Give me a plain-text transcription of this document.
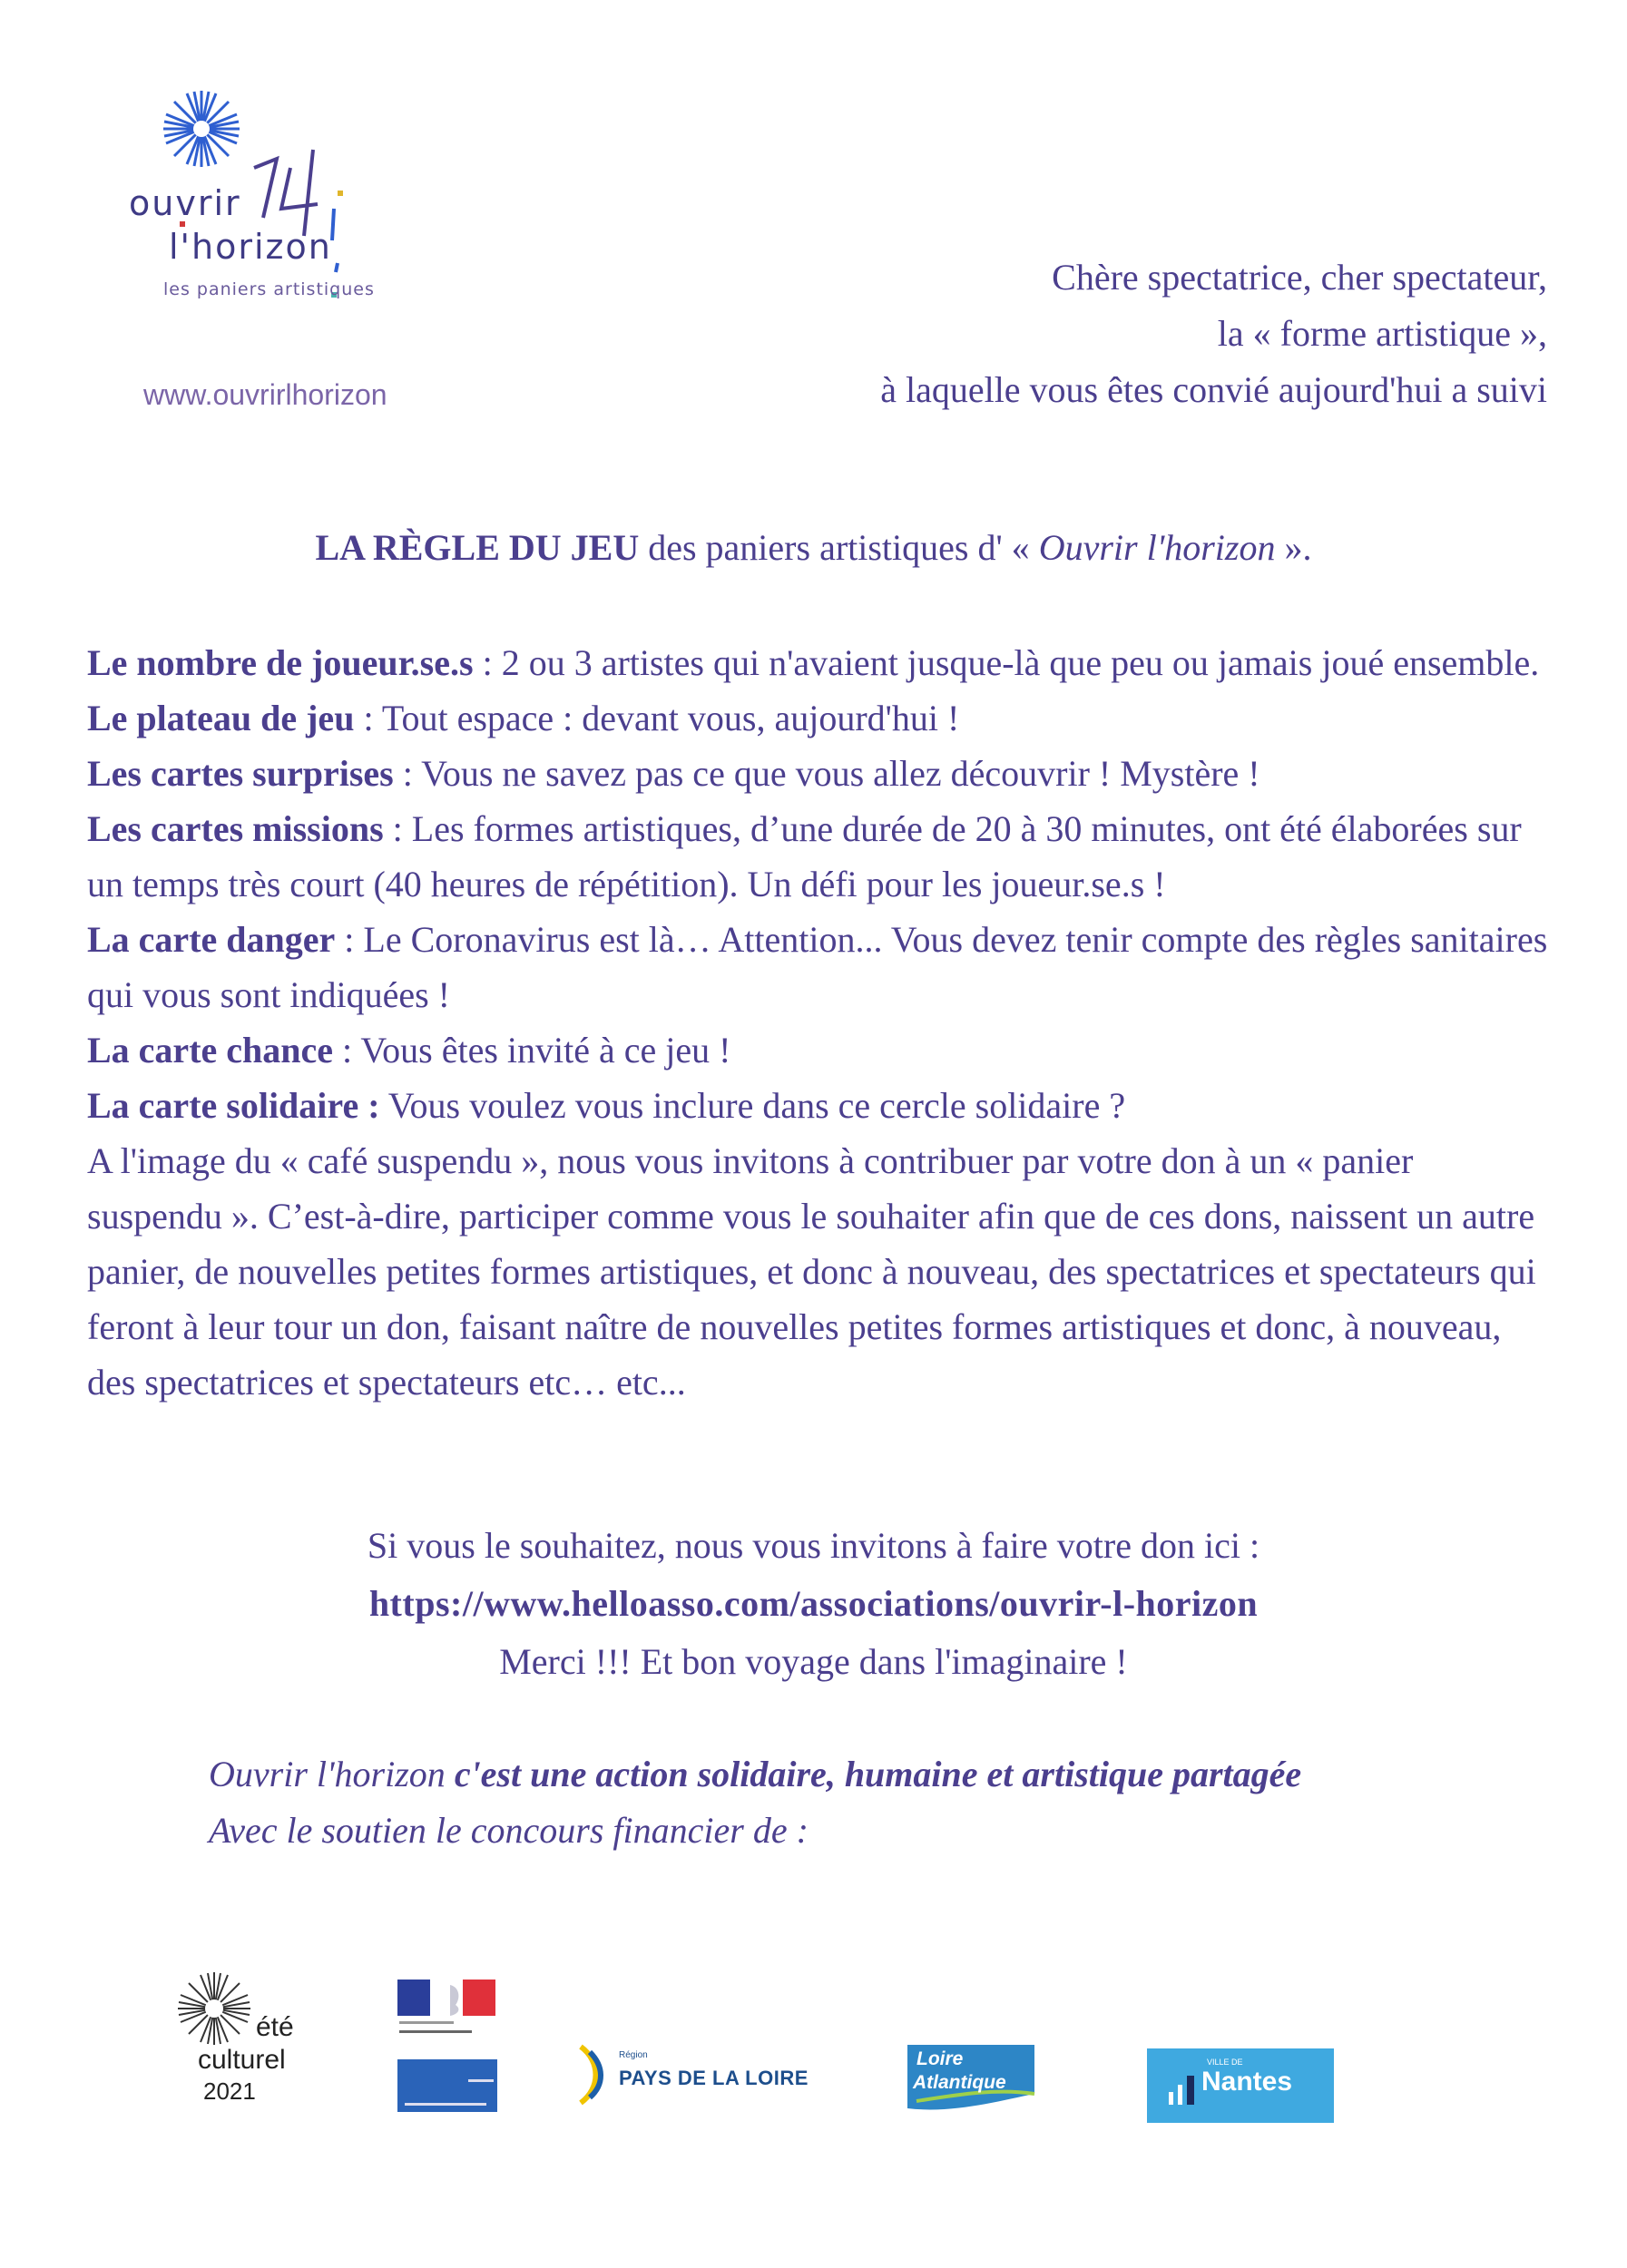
ouvrir
l'horizon
les paniers artistiques
www.ouvrirlhorizon
Chère spectatrice, cher spectateur,
la « forme artistique »,
à laquelle vous êtes convié aujourd'hui a suivi
LA RÈGLE DU JEU des paniers artistiques d' « Ouvrir l'horizon ».

Le nombre de joueur.se.s : 2 ou 3 artistes qui n'avaient jusque-là que peu ou jamais joué ensemble.

Le plateau de jeu : Tout espace : devant vous, aujourd'hui !

Les cartes surprises : Vous ne savez pas ce que vous allez découvrir ! Mystère !

Les cartes missions : Les formes artistiques, d’une durée de 20 à 30 minutes, ont été élaborées sur un temps très court (40 heures de répétition). Un défi pour les joueur.se.s !

La carte danger : Le Coronavirus est là… Attention... Vous devez tenir compte des règles sanitaires qui vous sont indiquées !

La carte chance : Vous êtes invité à ce jeu !

La carte solidaire : Vous voulez vous inclure dans ce cercle solidaire ?

A l'image du « café suspendu », nous vous invitons à contribuer par votre don à un « panier suspendu ». C’est-à-dire, participer comme vous le souhaiter afin que de ces dons, naissent un autre panier, de nouvelles petites formes artistiques, et donc à nouveau, des spectatrices et spectateurs qui feront à leur tour un don, faisant naître de nouvelles petites formes artistiques et donc, à nouveau, des spectatrices et spectateurs etc… etc...

Si vous le souhaitez, nous vous invitons à faire votre don ici :
https://www.helloasso.com/associations/ouvrir-l-horizon
Merci !!! Et bon voyage dans l'imaginaire !
Ouvrir l'horizon c'est une action solidaire, humaine et artistique partagée
Avec le soutien le concours financier de :
été
culturel
2021
Région
PAYS DE LA LOIRE
Loire
Atlantique
VILLE DE
Nantes
